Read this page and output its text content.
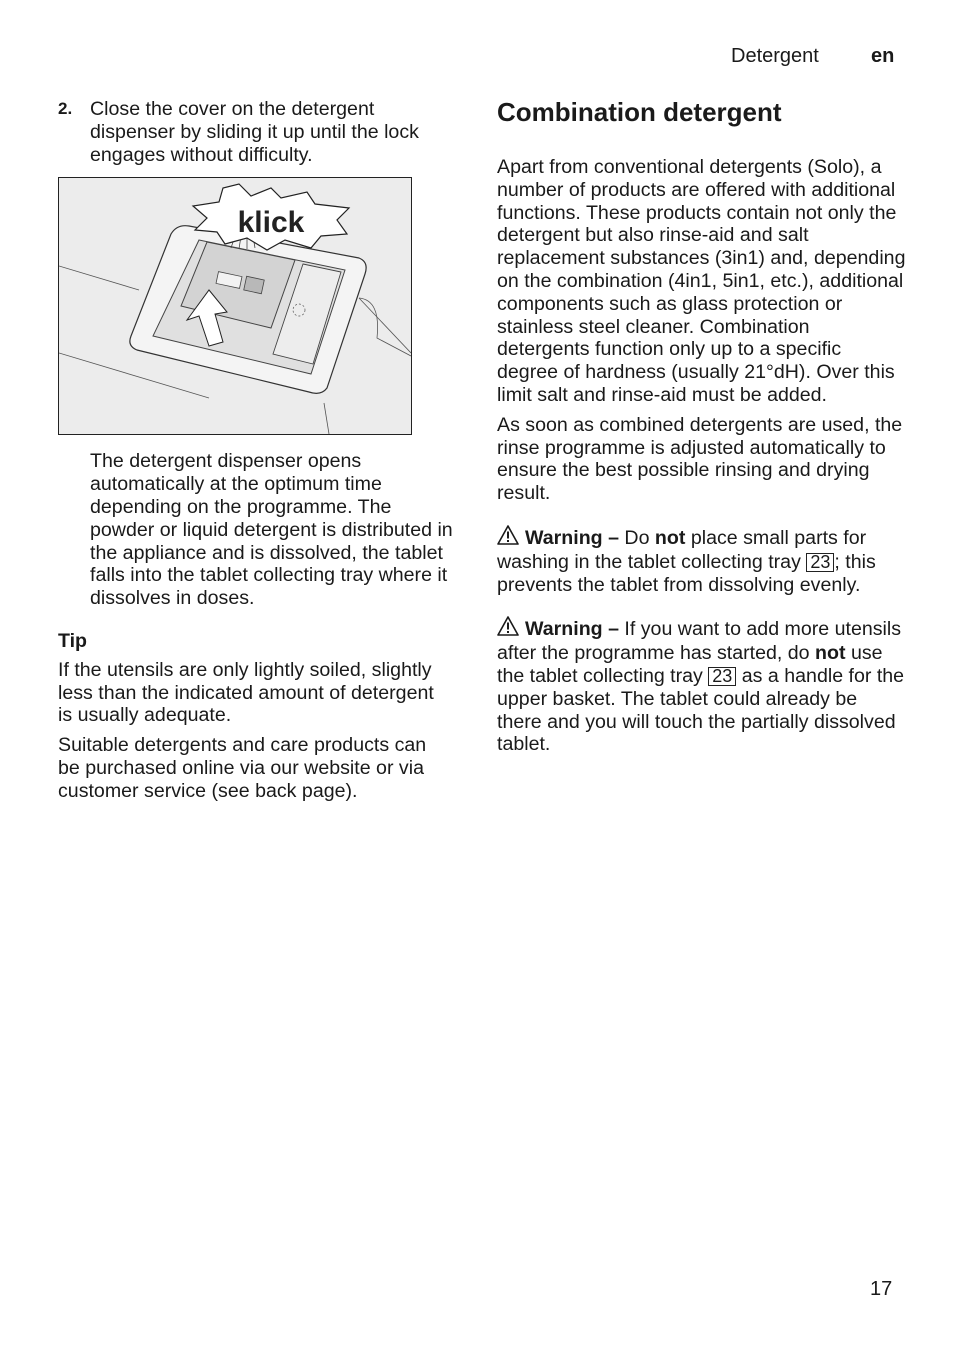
Detergent	en

2. Close the cover on the detergent dispenser by sliding it up until the lock engages without difficulty.

klick

The detergent dispenser opens automatically at the optimum time depending on the programme. The powder or liquid detergent is distributed in the appliance and is dissolved, the tablet falls into the tablet collecting tray where it dissolves in doses.

Tip

If the utensils are only lightly soiled, slightly less than the indicated amount of detergent is usually adequate.

Suitable detergents and care products can be purchased online via our website or via customer service (see back page).

Combination detergent

Apart from conventional detergents (Solo), a number of products are offered with additional functions. These products contain not only the detergent but also rinse-aid and salt replacement substances (3in1) and, depending on the combination (4in1, 5in1, etc.), additional components such as glass protection or stainless steel cleaner. Combination detergents function only up to a specific degree of hardness (usually 21°dH). Over this limit salt and rinse-aid must be added.

As soon as combined detergents are used, the rinse programme is adjusted automatically to ensure the best possible rinsing and drying result.

Warning – Do not place small parts for washing in the tablet collecting tray 23 ; this prevents the tablet from dissolving evenly.

Warning – If you want to add more utensils after the programme has started, do not use the tablet collecting tray 23 as a handle for the upper basket. The tablet could already be there and you will touch the partially dissolved tablet.

17
